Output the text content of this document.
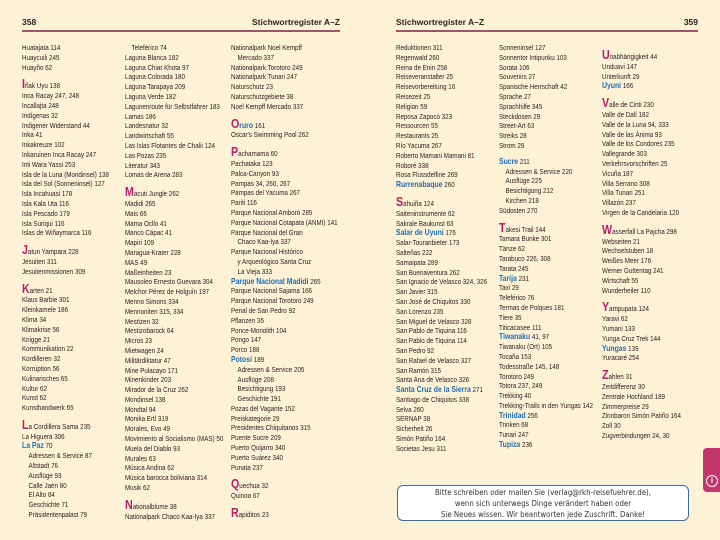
358	Stichwortregister A–Z	Stichwortregister A–Z	359
Huatajata 114
Huaycuili 245
Huayño 62
Iñak Uyu 138
Inca Racay 247, 248
Incallajta 248
Indígenas 32
Indigener Widerstand 44
Inka 41
Inkakreuze 102
Inkaruinen Inca Racay 247
Inti Wara Yassi 253
Isla de la Luna (Mondinsel) 138
Isla del Sol (Sonneninsel) 127
Isla Incahuasi 178
Isla Kala Uta 116
Isla Pescado 179
Isla Suriqui 116
Islas de Wiñaymarca 116
Jatun Yampara 228
Jesuiten 311
Jesuitenmissionen 309
Karten 21
Klaus Barbie 301
Kleinkamele 186
Klima 34
Klimakrise 56
Knigge 21
Kommunikation 22
Kordilleren 32
Korruption 56
Kulinarisches 65
Kultur 62
Kunst 62
Kunsthandwerk 65
La Cordillera Sama 235
La Higuera 306
La Paz 70
Adressen & Service 87
Altstadt 76
Ausflüge 93
Calle Jaén 80
El Alto 84
Geschichte 71
Präsidentenpalast 79
Teleférico 74
Laguna Blanca 182
Laguna Chiar Khota 97
Laguna Colorada 180
Laguna Tarapaya 209
Laguna Verde 182
Lagunenroute für Selbstfahrer 183
Lamas 186
Landesnatur 32
Landwirtschaft 55
Las Islas Flotantes de Chalii 124
Las Pozas 235
Literatur 343
Lomas de Arena 283
Macuti Jungle 262
Madidi 265
Mais 66
Mama Ocllo 41
Manco Cápac 41
Mapiri 109
Maragua-Krater 228
MAS 49
Maßeinheiten 23
Mausoleo Ernesto Guevara 304
Melchor Pérez de Holguín 197
Menno Simons 334
Mennoniten 315, 334
Mestizen 32
Mestizobarock 64
Micros 23
Mietwagen 24
Militärdiktatur 47
Mine Pulacayo 171
Minenkinder 203
Mirador de la Cruz 262
Mondinsel 138
Mondtal 94
Monika Ertl 319
Morales, Evo 49
Movimiento al Socialismo (MAS) 50
Muela del Diablo 93
Murales 63
Música Andina 62
Música barocca boliviana 314
Musik 62
Nationalblume 38
Nationalpark Chaco Kaa-Iya 337
Nationalpark Noel Kempff
Mercado 337
Nationalpark Torotoro 249
Nationalpark Tunari 247
Naturschutz 23
Naturschutzgebiete 38
Noel Kempff Mercado 337
Oruro 161
Oscar's Swimming Pool 262
Pachamama 60
Pachataka 123
Palca-Canyon 93
Pampas 34, 260, 267
Pampas del Yacuma 267
Pariti 116
Parque Nacional Amboró 285
Parque Nacional Cotapata (ANMI) 141
Parque Nacional del Gran
Chaco Kaa-Iya 337
Parque Nacional Histórico
y Arqueológico Santa Cruz
La Vieja 333
Parque Nacional Madidi 265
Parque Nacional Sajama 166
Parque Nacional Torotoro 249
Penal de San Pedro 92
Pflanzen 35
Ponce-Monolith 104
Pongo 147
Porco 188
Potosí 189
Adressen & Service 205
Ausflüge 208
Besichtigung 193
Geschichte 191
Pozas del Vagante 152
Preiskategorie 29
Presidentes Chiquitanos 315
Puente Sucre 209
Puerto Quijarro 340
Puerto Suárez 340
Punata 237
Quechua 32
Quinoa 67
Rapiditos 23
Reduktionen 311
Regenwald 260
Reina de Enin 258
Reiseveranstalter 25
Reisevorbereitung 16
Reisezeit 25
Religion 59
Reposa Zapocó 323
Ressourcen 55
Restaurants 25
Río Yacuma 267
Roberto Mamani Mamani 81
Roboré 338
Rosa Flussdelfine 269
Rurrenabaque 260
Sahuiña 124
Saiteninstrumente 62
Sakrale Baukunst 63
Salar de Uyuni 176
Salar-Touranbieter 173
Salteñas 222
Samaipata 289
San Buenaventura 262
San Ignacio de Velasco 324, 326
San Javier 315
San José de Chiquitos 330
San Lorenzo 235
San Miguel de Velasco 328
San Pablo de Tiquina 116
San Pablo de Tiquina 114
San Pedro 92
San Rafael de Velasco 327
San Ramón 315
Santa Ana de Velasco 326
Santa Cruz de la Sierra 271
Santiago de Chiquitos 338
Selva 260
SERNAP 38
Sicherheit 26
Simón Patiño 164
Societas Jesu 311
Sonneninsel 127
Sonnentor Intipunku 103
Sorata 106
Souvenirs 27
Spanische Herrschaft 42
Sprache 27
Sprachhilfe 345
Steckdosen 29
Street-Art 63
Streiks 28
Strom 29
Sucre 211
Adressen & Service 220
Ausflüge 225
Besichtigung 212
Kirchen 218
Südosten 270
Takesi Trail 144
Tamara Bunke 301
Tänze 62
Tarabuco 226, 308
Tarata 245
Tarija 231
Taxi 29
Teleférico 76
Termas de Polques 181
Tiere 35
Titicacasee 111
Tiwanaku 41, 97
Tiwanaku (Ort) 105
Tocaña 153
Todesstraße 145, 148
Torotoro 249
Totora 237, 249
Trekking 40
Trekking-Trails in den Yungas 142
Trinidad 256
Trinken 68
Tunari 247
Tupiza 236
Unabhängigkeit 44
Unduavi 147
Unterkunft 29
Uyuni 166
Valle de Cinti 230
Valle de Dalí 182
Valle de la Luna 94, 333
Valle de las Ánima 93
Valle de los Condores 235
Vallegrande 303
Verkehrsvorschriften 25
Vicuña 187
Villa Serrano 308
Villa Tunari 251
Villazón 237
Virgen de la Candelaria 120
Wasserfall La Pajcha 298
Webseiten 21
Wechselstuben 18
Weißes Meer 176
Werner Guttentag 241
Wirtschaft 55
Wunderheiler 110
Yampupata 124
Yaravi 62
Yumani 133
Yunga Cruz Trek 144
Yungas 139
Yuracaré 254
Zahlen 31
Zeitdifferenz 30
Zentrale Hochland 189
Zimmerpreise 29
Zinnbaron Simón Patiño 164
Zoll 30
Zugverbindungen 24, 30
Bitte schreiben oder mailen Sie (verlag@rkh-reisefuehrer.de),
wenn sich unterwegs Dinge verändert haben oder
Sie Neues wissen. Wir beantworten jede Zuschrift. Danke!
i
